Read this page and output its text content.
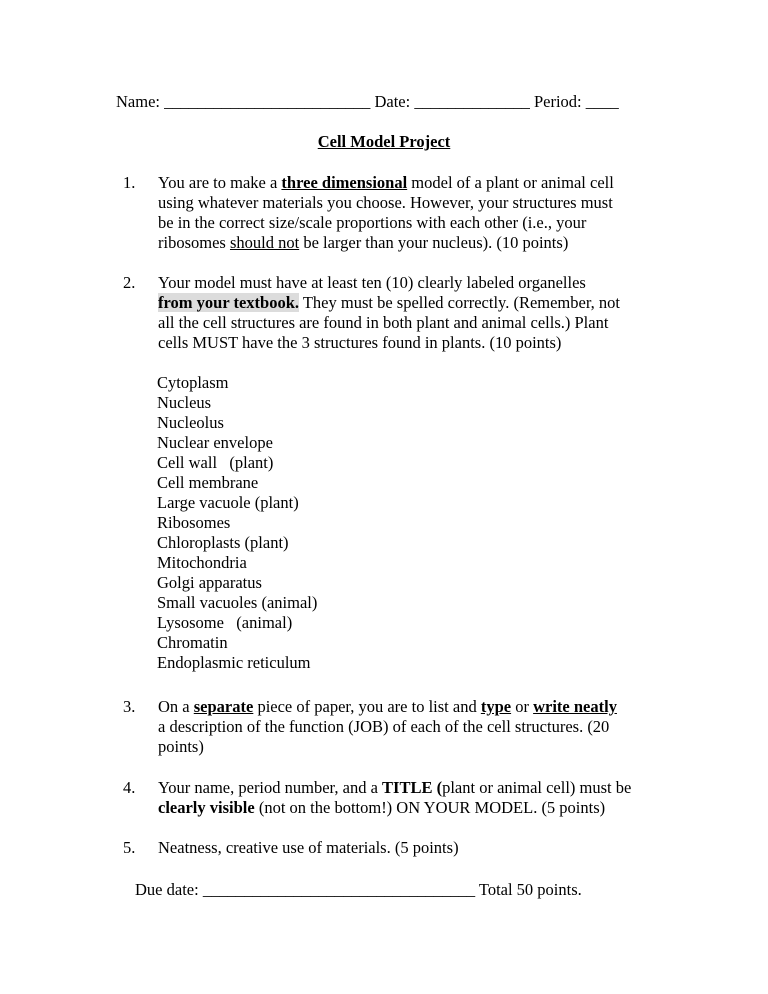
Name: _________________________ Date: ______________ Period: ____
Cell Model Project
1. You are to make a three dimensional model of a plant or animal cell
using whatever materials you choose. However, your structures must
be in the correct size/scale proportions with each other (i.e., your
ribosomes should not be larger than your nucleus). (10 points)
2. Your model must have at least ten (10) clearly labeled organelles
from your textbook. They must be spelled correctly. (Remember, not
all the cell structures are found in both plant and animal cells.) Plant
cells MUST have the 3 structures found in plants. (10 points)
Cytoplasm
Nucleus
Nucleolus
Nuclear envelope
Cell wall   (plant)
Cell membrane
Large vacuole (plant)
Ribosomes
Chloroplasts (plant)
Mitochondria
Golgi apparatus
Small vacuoles (animal)
Lysosome   (animal)
Chromatin
Endoplasmic reticulum
3. On a separate piece of paper, you are to list and type or write neatly
a description of the function (JOB) of each of the cell structures. (20
points)
4. Your name, period number, and a TITLE (plant or animal cell) must be
clearly visible (not on the bottom!) ON YOUR MODEL. (5 points)
5. Neatness, creative use of materials. (5 points)
Due date: _________________________________ Total 50 points.
